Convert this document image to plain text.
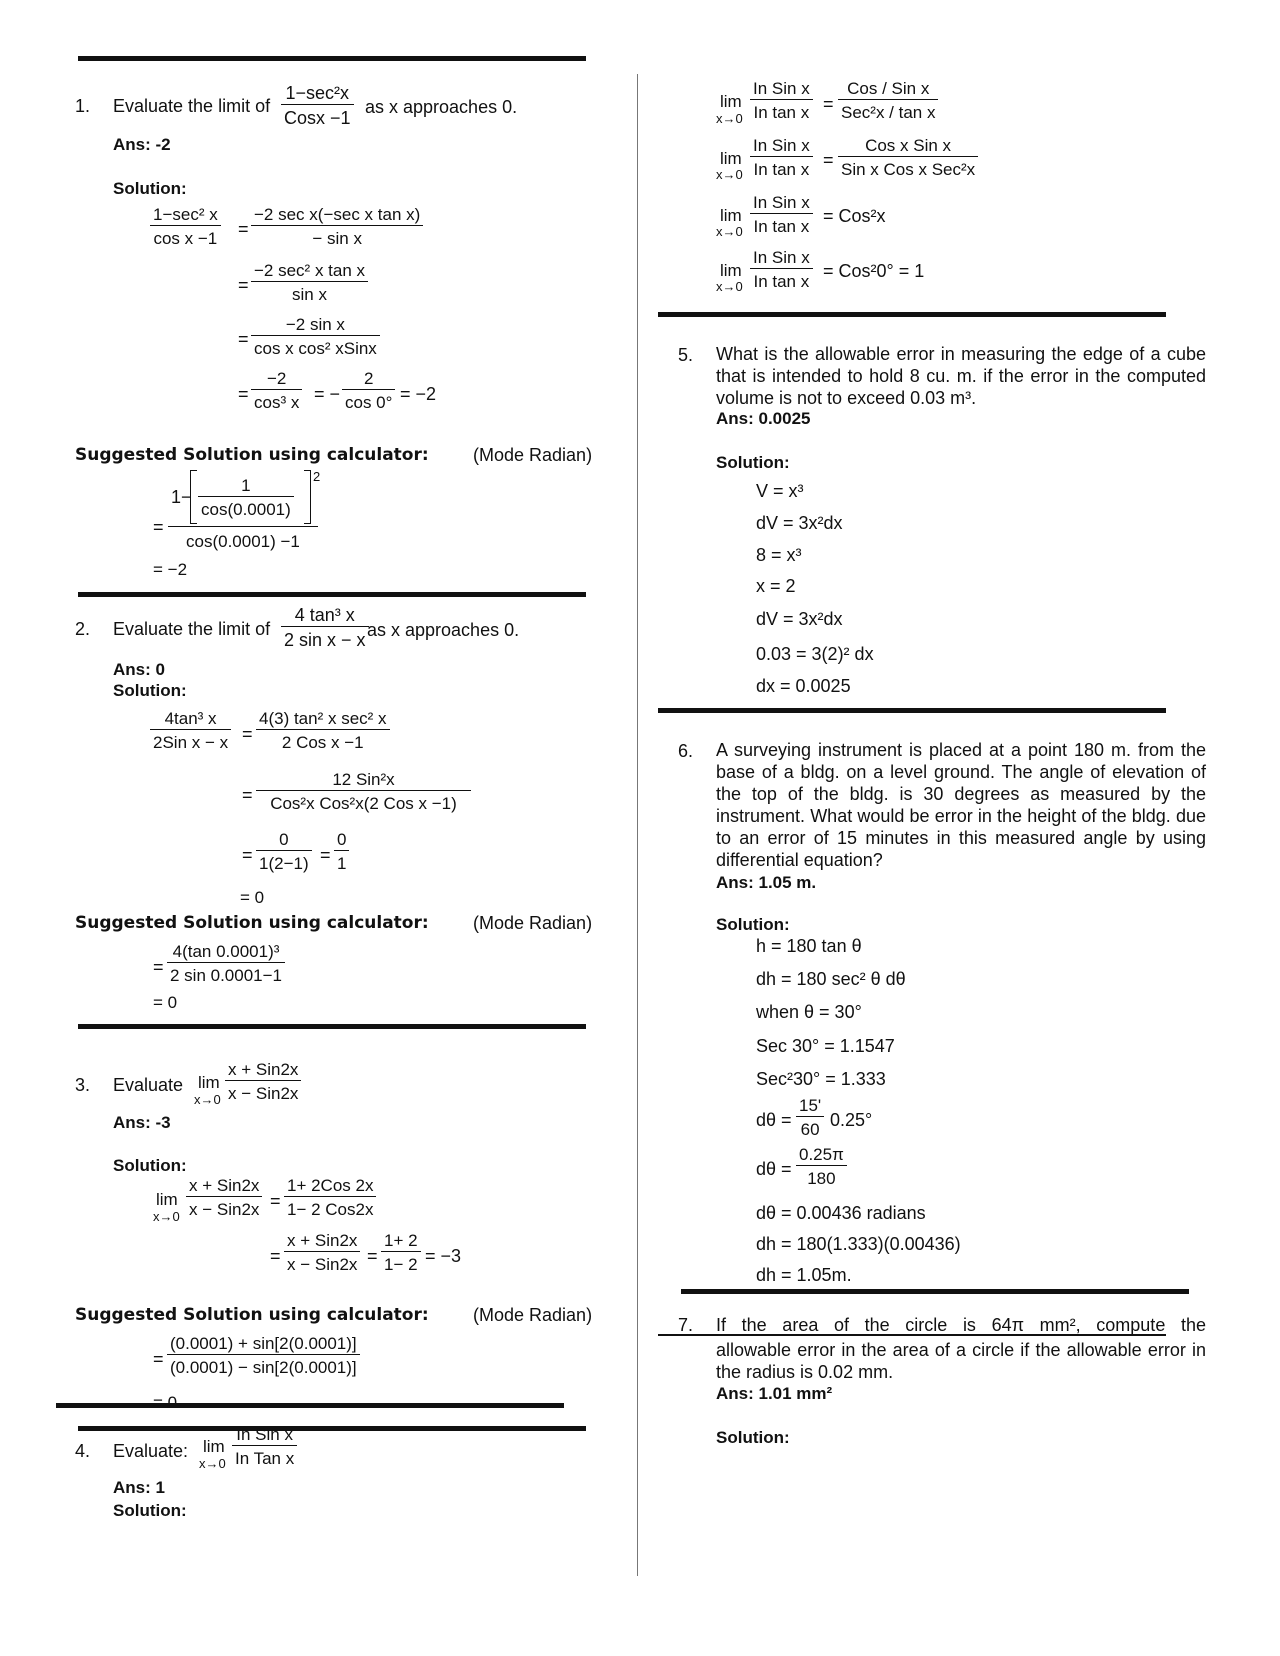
1. Evaluate the limit of
1−sec²x
Cosx −1
as x approaches 0.
Ans: -2
Solution:
1−sec² x
cos x −1 =
−2 sec x(−sec x tan x)
− sin x
=
−2 sec² x tan x
sin x
=
−2 sin x
cos x cos² xSinx
= $\frac{-2}{\text{cos³ x}}$ = − $\frac{2}{\cos 0^\circ} = -2$
Suggested Solution using calculator: (Mode Radian)
$1- \frac{1}{\cos(0.0001)}$
2
=
cos(0.0001) −1
= −2
2. Evaluate the limit of $\frac{\text{4 tan³ x}}{\text{2 sin x − x}}$
as x approaches 0.
Ans: 0
Solution:
4tan³ x
2Sin x − x =
4(3) tan² x sec² x
2 Cos x −1
=
12 Sin²x
Cos²x Cos²x(2 Cos x −1)
= $\frac{0}{1(2-1)} = \frac{0}{1}$
= 0
Suggested Solution using calculator: (Mode Radian)
= $\frac{\text{4(tan 0.0001)³}}{2 \sin 0.0001-1}$
= 0
3. Evaluate lim
x→0
x + Sin2x
x − Sin2x
Ans: -3
Solution:
lim
x→0
x + Sin2x
x − Sin2x =
1+ 2Cos 2x
1− 2 Cos2x
=
x + Sin2x
$x - Sin2x = \frac{1+ 2}{1- 2} = -3$
Suggested Solution using calculator: (Mode Radian)
= $\frac{(0.0001) + \sin[2(0.0001)]}{(0.0001) - \sin[2(0.0001)]}$
4. Evaluate: lim
x→0
In Sin x
In Tan x
Ans: 1
Solution:
lim
x→0
In Sin x
In tan x =
Cos / Sin x
Sec²x / tan x
lim
x→0
In Sin x
In tan x =
Cos x Sin x
Sin x Cos x Sec²x
lim
x→0
In Sin x
In tan x
= Cos²x
lim
x→0
In Sin x
In tan x
= Cos²0° = 1
5. What is the allowable error in measuring the edge of a cube that is intended to hold 8 cu. m. if the error in the computed volume is not to exceed 0.03 m³.
Ans: 0.0025
Solution:
V = x³
dV = 3x²dx
8 = x³
x = 2
dV = 3x²dx
0.03 = 3(2)² dx
dx = 0.0025
6. A surveying instrument is placed at a point 180 m. from the base of a bldg. on a level ground. The angle of elevation of the top of the bldg. is 30 degrees as measured by the instrument. What would be error in the height of the bldg. due to an error of 15 minutes in this measured angle by using differential equation?
Ans: 1.05 m.
Solution:
h = 180 tan θ
dh = 180 sec² θ dθ
when θ = 30°
Sec 30° = 1.1547
Sec²30° = 1.333
$d\theta = \frac{15'}{60} 0.25^\circ$
$d\theta = \frac{0.25\pi}{180}$
dθ = 0.00436 radians
dh = 180(1.333)(0.00436)
dh = 1.05m.
7. If the area of the circle is 64π mm², compute the
allowable error in the area of a circle if the allowable error in the radius is 0.02 mm.
Ans: 1.01 mm²
Solution:
